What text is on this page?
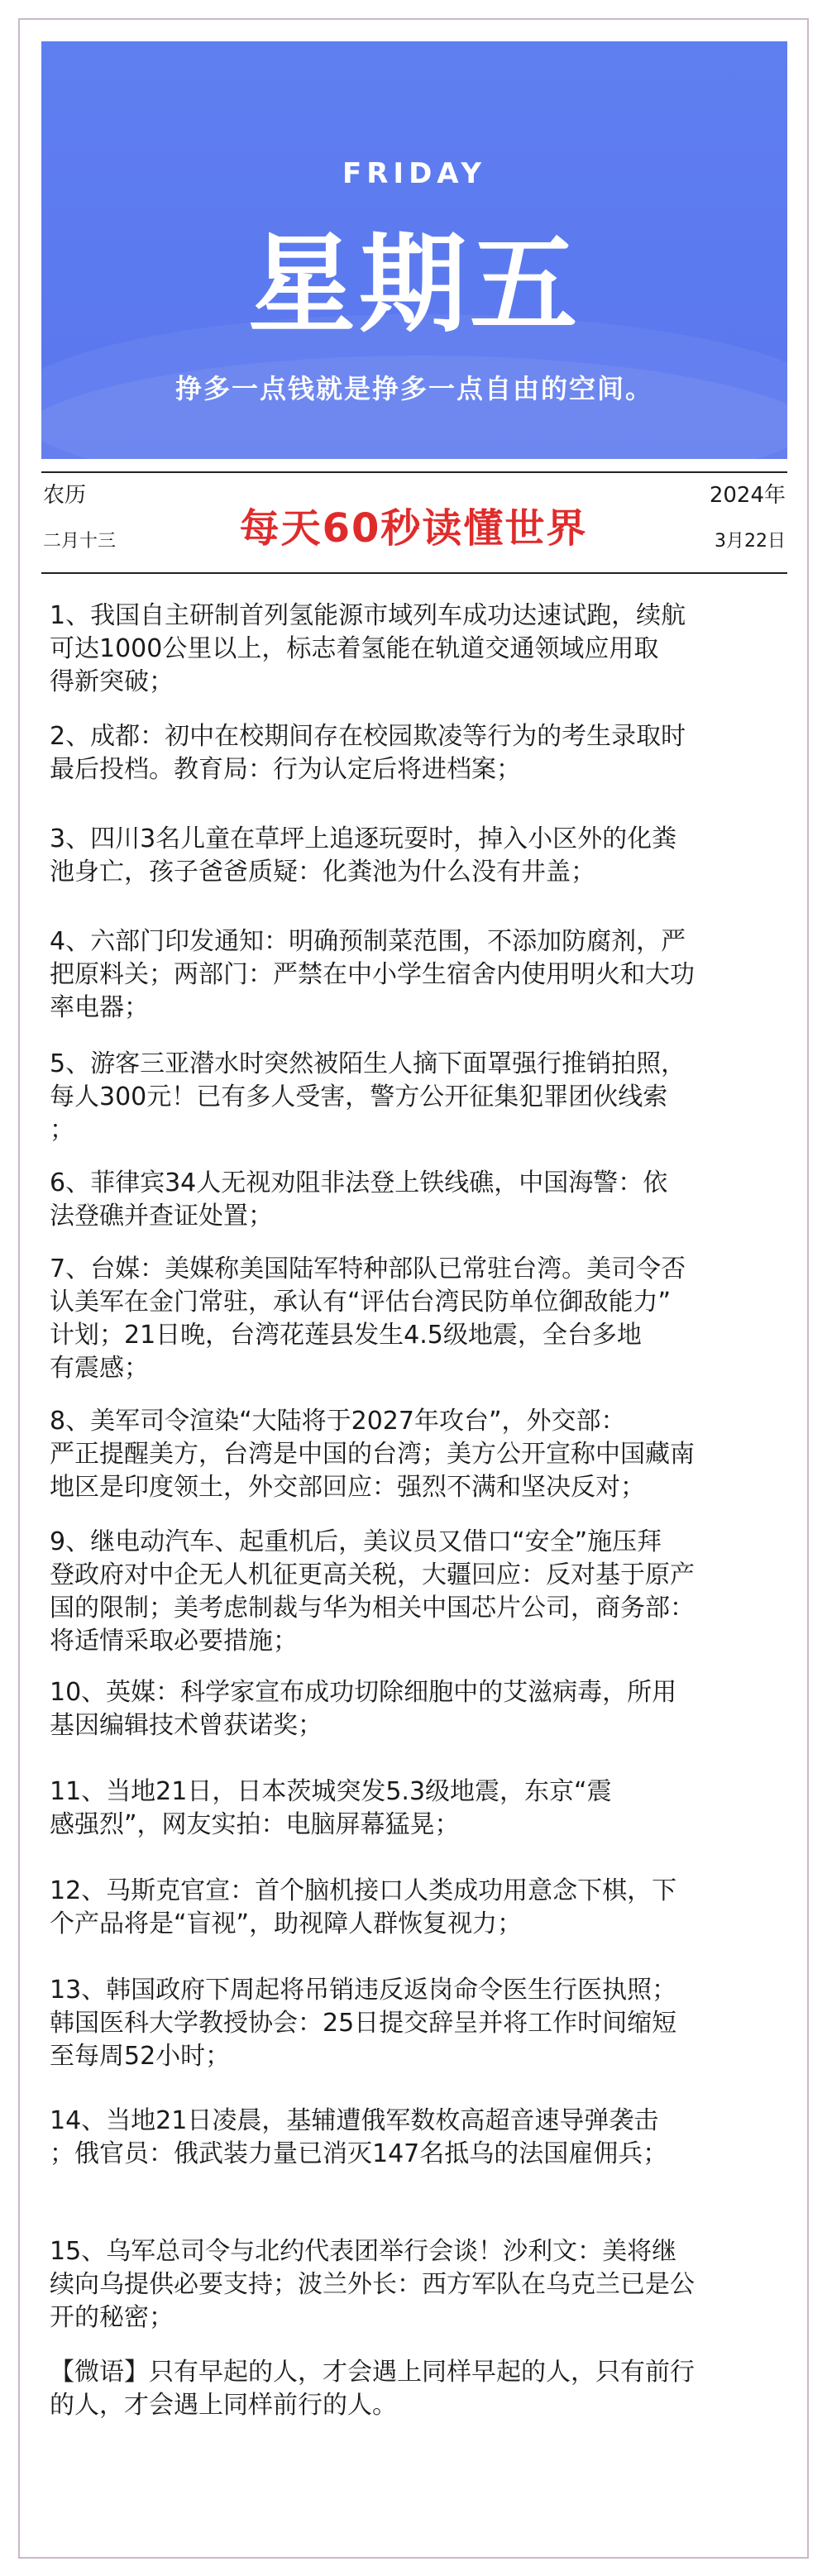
FRIDAY
星期五
挣多一点钱就是挣多一点自由的空间。
农历
二月十三	每天60秒读懂世界
2024年
3月22日

1、我国自主研制首列氢能源市域列车成功达速试跑，续航
可达1000公里以上，标志着氢能在轨道交通领域应用取
得新突破；

2、成都：初中在校期间存在校园欺凌等行为的考生录取时
最后投档。教育局：行为认定后将进档案；

3、四川3名儿童在草坪上追逐玩耍时，掉入小区外的化粪
池身亡，孩子爸爸质疑：化粪池为什么没有井盖；

4、六部门印发通知：明确预制菜范围，不添加防腐剂，严
把原料关；两部门：严禁在中小学生宿舍内使用明火和大功
率电器；

5、游客三亚潜水时突然被陌生人摘下面罩强行推销拍照，
每人300元！已有多人受害，警方公开征集犯罪团伙线索
；

6、菲律宾34人无视劝阻非法登上铁线礁，中国海警：依
法登礁并查证处置；

7、台媒：美媒称美国陆军特种部队已常驻台湾。美司令否
认美军在金门常驻，承认有“评估台湾民防单位御敌能力”
计划；21日晚，台湾花莲县发生4.5级地震，全台多地
有震感；

8、美军司令渲染“大陆将于2027年攻台”，外交部：
严正提醒美方，台湾是中国的台湾；美方公开宣称中国藏南
地区是印度领土，外交部回应：强烈不满和坚决反对；

9、继电动汽车、起重机后，美议员又借口“安全”施压拜
登政府对中企无人机征更高关税，大疆回应：反对基于原产
国的限制；美考虑制裁与华为相关中国芯片公司，商务部：
将适情采取必要措施；

10、英媒：科学家宣布成功切除细胞中的艾滋病毒，所用
基因编辑技术曾获诺奖；

11、当地21日，日本茨城突发5.3级地震，东京“震
感强烈”，网友实拍：电脑屏幕猛晃；

12、马斯克官宣：首个脑机接口人类成功用意念下棋，下
个产品将是“盲视”，助视障人群恢复视力；

13、韩国政府下周起将吊销违反返岗命令医生行医执照；
韩国医科大学教授协会：25日提交辞呈并将工作时间缩短
至每周52小时；

14、当地21日凌晨，基辅遭俄军数枚高超音速导弹袭击
；俄官员：俄武装力量已消灭147名抵乌的法国雇佣兵；

15、乌军总司令与北约代表团举行会谈！沙利文：美将继
续向乌提供必要支持；波兰外长：西方军队在乌克兰已是公
开的秘密；

【微语】只有早起的人，才会遇上同样早起的人，只有前行
的人，才会遇上同样前行的人。
